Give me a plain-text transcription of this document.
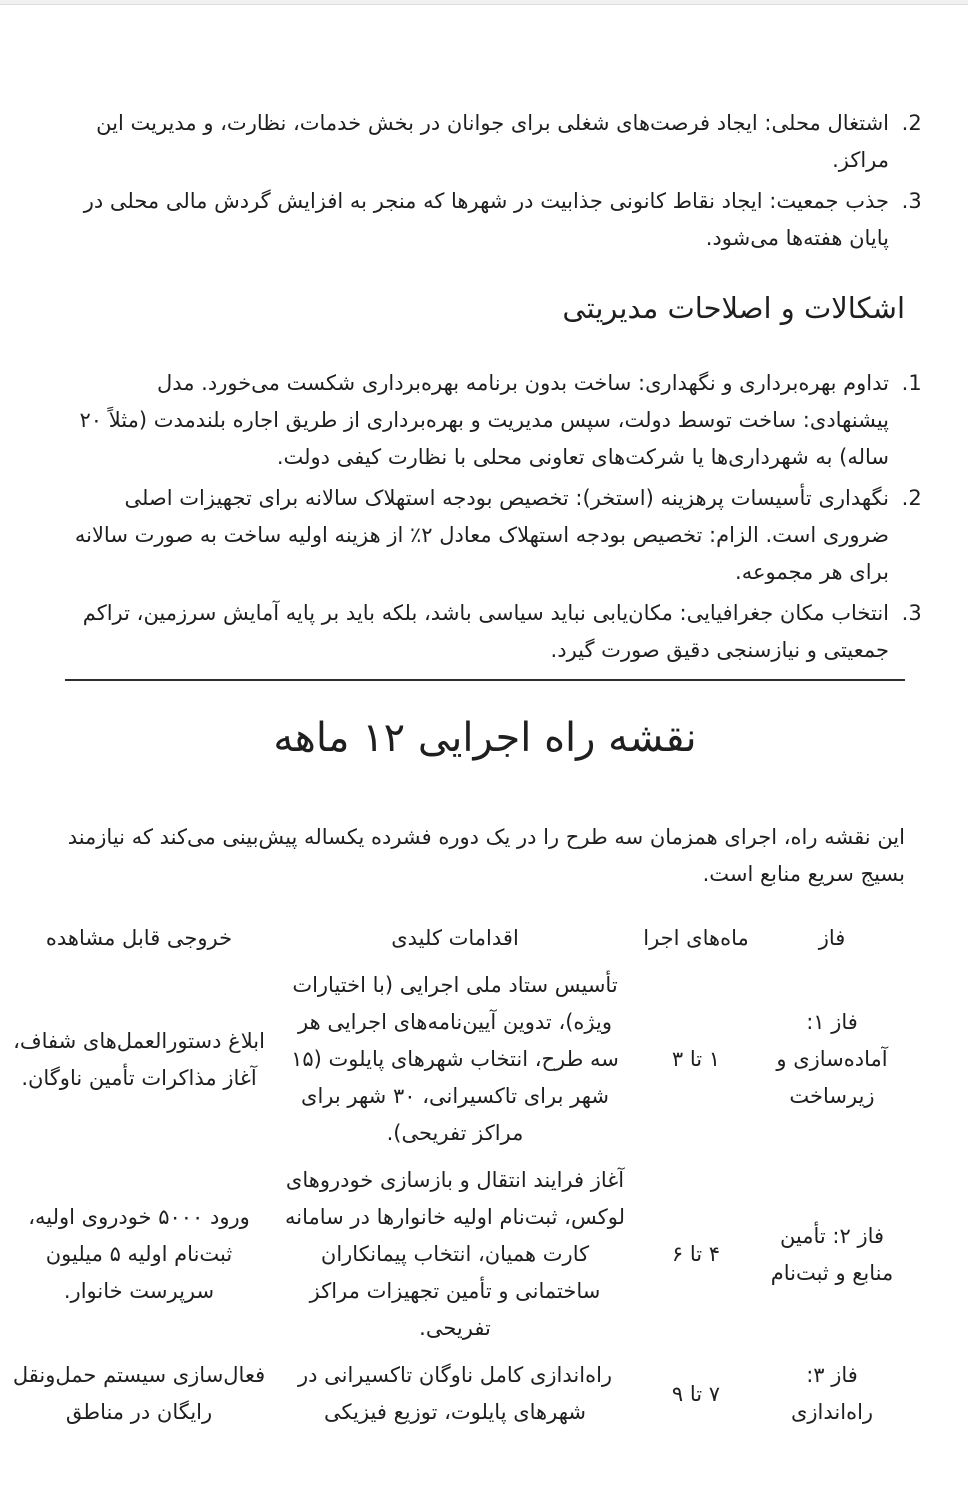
2. اشتغال محلی: ایجاد فرصت‌های شغلی برای جوانان در بخش خدمات، نظارت، و مدیریت این مراکز.
3. جذب جمعیت: ایجاد نقاط کانونی جذابیت در شهرها که منجر به افزایش گردش مالی محلی در پایان هفته‌ها می‌شود.
اشکالات و اصلاحات مدیریتی
1. تداوم بهره‌برداری و نگهداری: ساخت بدون برنامه بهره‌برداری شکست می‌خورد. مدل پیشنهادی: ساخت توسط دولت، سپس مدیریت و بهره‌برداری از طریق اجاره بلندمدت (مثلاً ۲۰ ساله) به شهرداری‌ها یا شرکت‌های تعاونی محلی با نظارت کیفی دولت.
2. نگهداری تأسیسات پرهزینه (استخر): تخصیص بودجه استهلاک سالانه برای تجهیزات اصلی ضروری است. الزام: تخصیص بودجه استهلاک معادل ۲٪ از هزینه اولیه ساخت به صورت سالانه برای هر مجموعه.
3. انتخاب مکان جغرافیایی: مکان‌یابی نباید سیاسی باشد، بلکه باید بر پایه آمایش سرزمین، تراکم جمعیتی و نیازسنجی دقیق صورت گیرد.
نقشه راه اجرایی ۱۲ ماهه

این نقشه راه، اجرای همزمان سه طرح را در یک دوره فشرده یکساله پیش‌بینی می‌کند که نیازمند بسیج سریع منابع است.

فاز	ماه‌های اجرا	اقدامات کلیدی	خروجی قابل مشاهده
فاز ۱: آماده‌سازی و زیرساخت	۱ تا ۳	تأسیس ستاد ملی اجرایی (با اختیارات ویژه)، تدوین آیین‌نامه‌های اجرایی هر سه طرح، انتخاب شهرهای پایلوت (۱۵ شهر برای تاکسیرانی، ۳۰ شهر برای مراکز تفریحی).	ابلاغ دستورالعمل‌های شفاف، آغاز مذاکرات تأمین ناوگان.
فاز ۲: تأمین منابع و ثبت‌نام	۴ تا ۶	آغاز فرایند انتقال و بازسازی خودروهای لوکس، ثبت‌نام اولیه خانوارها در سامانه کارت همیان، انتخاب پیمانکاران ساختمانی و تأمین تجهیزات مراکز تفریحی.	ورود ۵۰۰۰ خودروی اولیه، ثبت‌نام اولیه ۵ میلیون سرپرست خانوار.
فاز ۳: راه‌اندازی	۷ تا ۹	راه‌اندازی کامل ناوگان تاکسیرانی در شهرهای پایلوت، توزیع فیزیکی	فعال‌سازی سیستم حمل‌ونقل رایگان در مناطق
